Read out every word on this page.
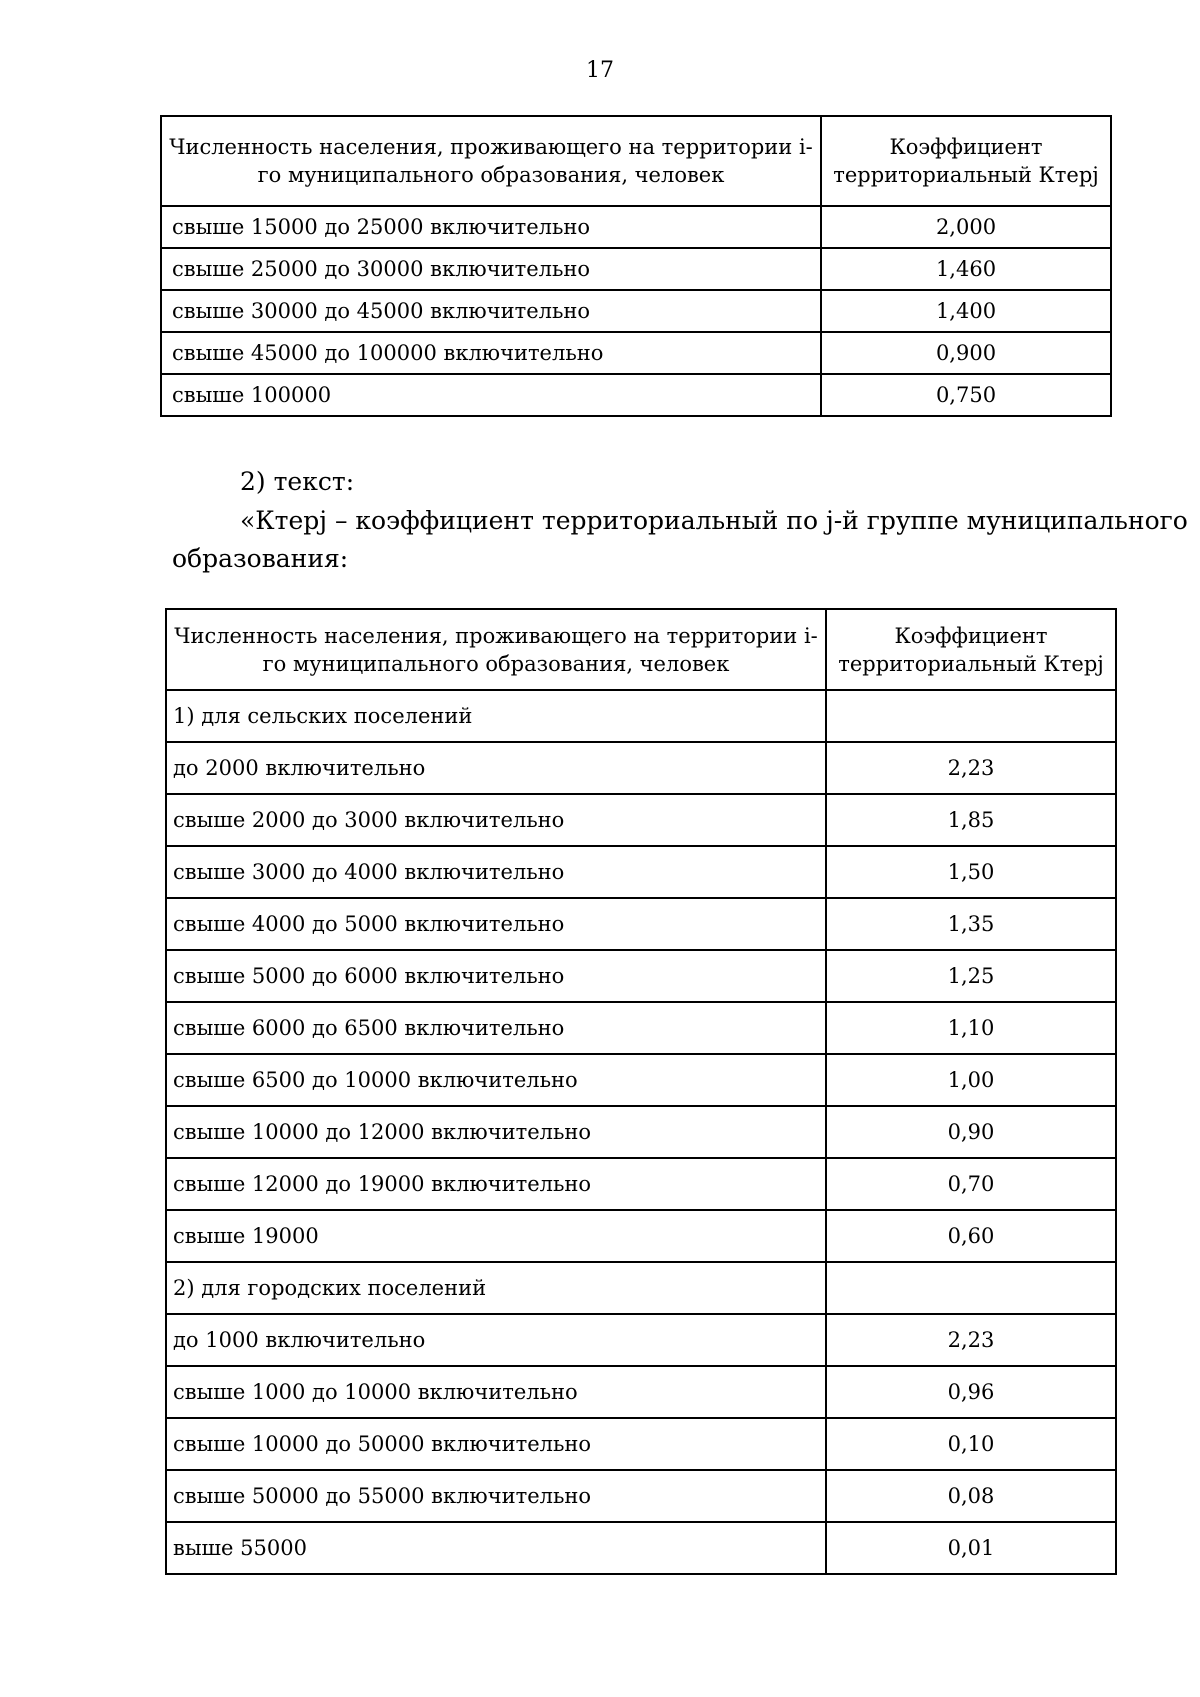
17
Численность населения, проживающего на территории i-го муниципального образования, человек	Коэффициент территориальный Ктерj
свыше 15000 до 25000 включительно	2,000
свыше 25000 до 30000 включительно	1,460
свыше 30000 до 45000 включительно	1,400
свыше 45000 до 100000 включительно	0,900
свыше 100000	0,750
2) текст:
«Ктерj – коэффициент территориальный по j-й группе муниципального
образования:
Численность населения, проживающего на территории i-го муниципального образования, человек	Коэффициент территориальный Ктерj
1) для сельских поселений	
до 2000 включительно	2,23
свыше 2000 до 3000 включительно	1,85
свыше 3000 до 4000 включительно	1,50
свыше 4000 до 5000 включительно	1,35
свыше 5000 до 6000 включительно	1,25
свыше 6000 до 6500 включительно	1,10
свыше 6500 до 10000 включительно	1,00
свыше 10000 до 12000 включительно	0,90
свыше 12000 до 19000 включительно	0,70
свыше 19000	0,60
2) для городских поселений	
до 1000 включительно	2,23
свыше 1000 до 10000 включительно	0,96
свыше 10000 до 50000 включительно	0,10
свыше 50000 до 55000 включительно	0,08
выше 55000	0,01
